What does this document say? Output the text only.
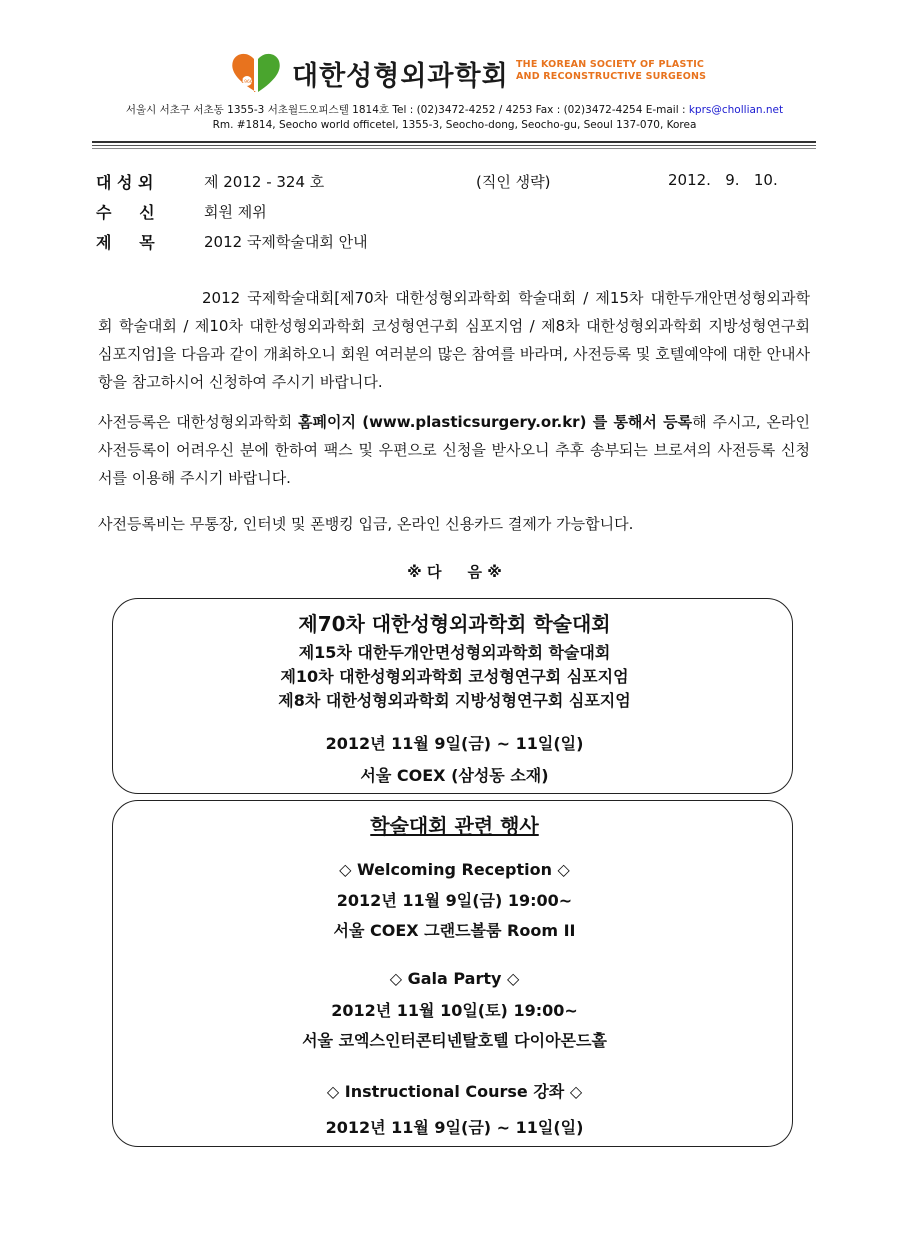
1966 대한성형외과학회 THE KOREAN SOCIETY OF PLASTIC
AND RECONSTRUCTIVE SURGEONS
서울시 서초구 서초동 1355-3 서초월드오피스텔 1814호 Tel : (02)3472-4252 / 4253 Fax : (02)3472-4254 E-mail : kprs@chollian.net
Rm. #1814, Seocho world officetel, 1355-3, Seocho-dong, Seocho-gu, Seoul 137-070, Korea
대 성 외	제 2012 - 324 호	(직인 생략)	2012.   9.   10.
수     신	회원 제위
제     목	2012 국제학술대회 안내

2012 국제학술대회[제70차 대한성형외과학회 학술대회 / 제15차 대한두개안면성형외과학회 학술대회 / 제10차 대한성형외과학회 코성형연구회 심포지엄 / 제8차 대한성형외과학회 지방성형연구회 심포지엄]을 다음과 같이 개최하오니 회원 여러분의 많은 참여를 바라며, 사전등록 및 호텔예약에 대한 안내사항을 참고하시어 신청하여 주시기 바랍니다.

사전등록은 대한성형외과학회 홈페이지 (www.plasticsurgery.or.kr) 를 통해서 등록해 주시고, 온라인 사전등록이 어려우신 분에 한하여 팩스 및 우편으로 신청을 받사오니 추후 송부되는 브로셔의 사전등록 신청서를 이용해 주시기 바랍니다.

사전등록비는 무통장, 인터넷 및 폰뱅킹 입금, 온라인 신용카드 결제가 가능합니다.

※ 다     음 ※
제70차 대한성형외과학회 학술대회
제15차 대한두개안면성형외과학회 학술대회
제10차 대한성형외과학회 코성형연구회 심포지엄
제8차 대한성형외과학회 지방성형연구회 심포지엄
2012년 11월 9일(금) ~ 11일(일)
서울 COEX (삼성동 소재)
학술대회 관련 행사
◇ Welcoming Reception ◇
2012년 11월 9일(금) 19:00~
서울 COEX 그랜드볼룸 Room II
◇ Gala Party ◇
2012년 11월 10일(토) 19:00~
서울 코엑스인터콘티넨탈호텔 다이아몬드홀
◇ Instructional Course 강좌 ◇
2012년 11월 9일(금) ~ 11일(일)
